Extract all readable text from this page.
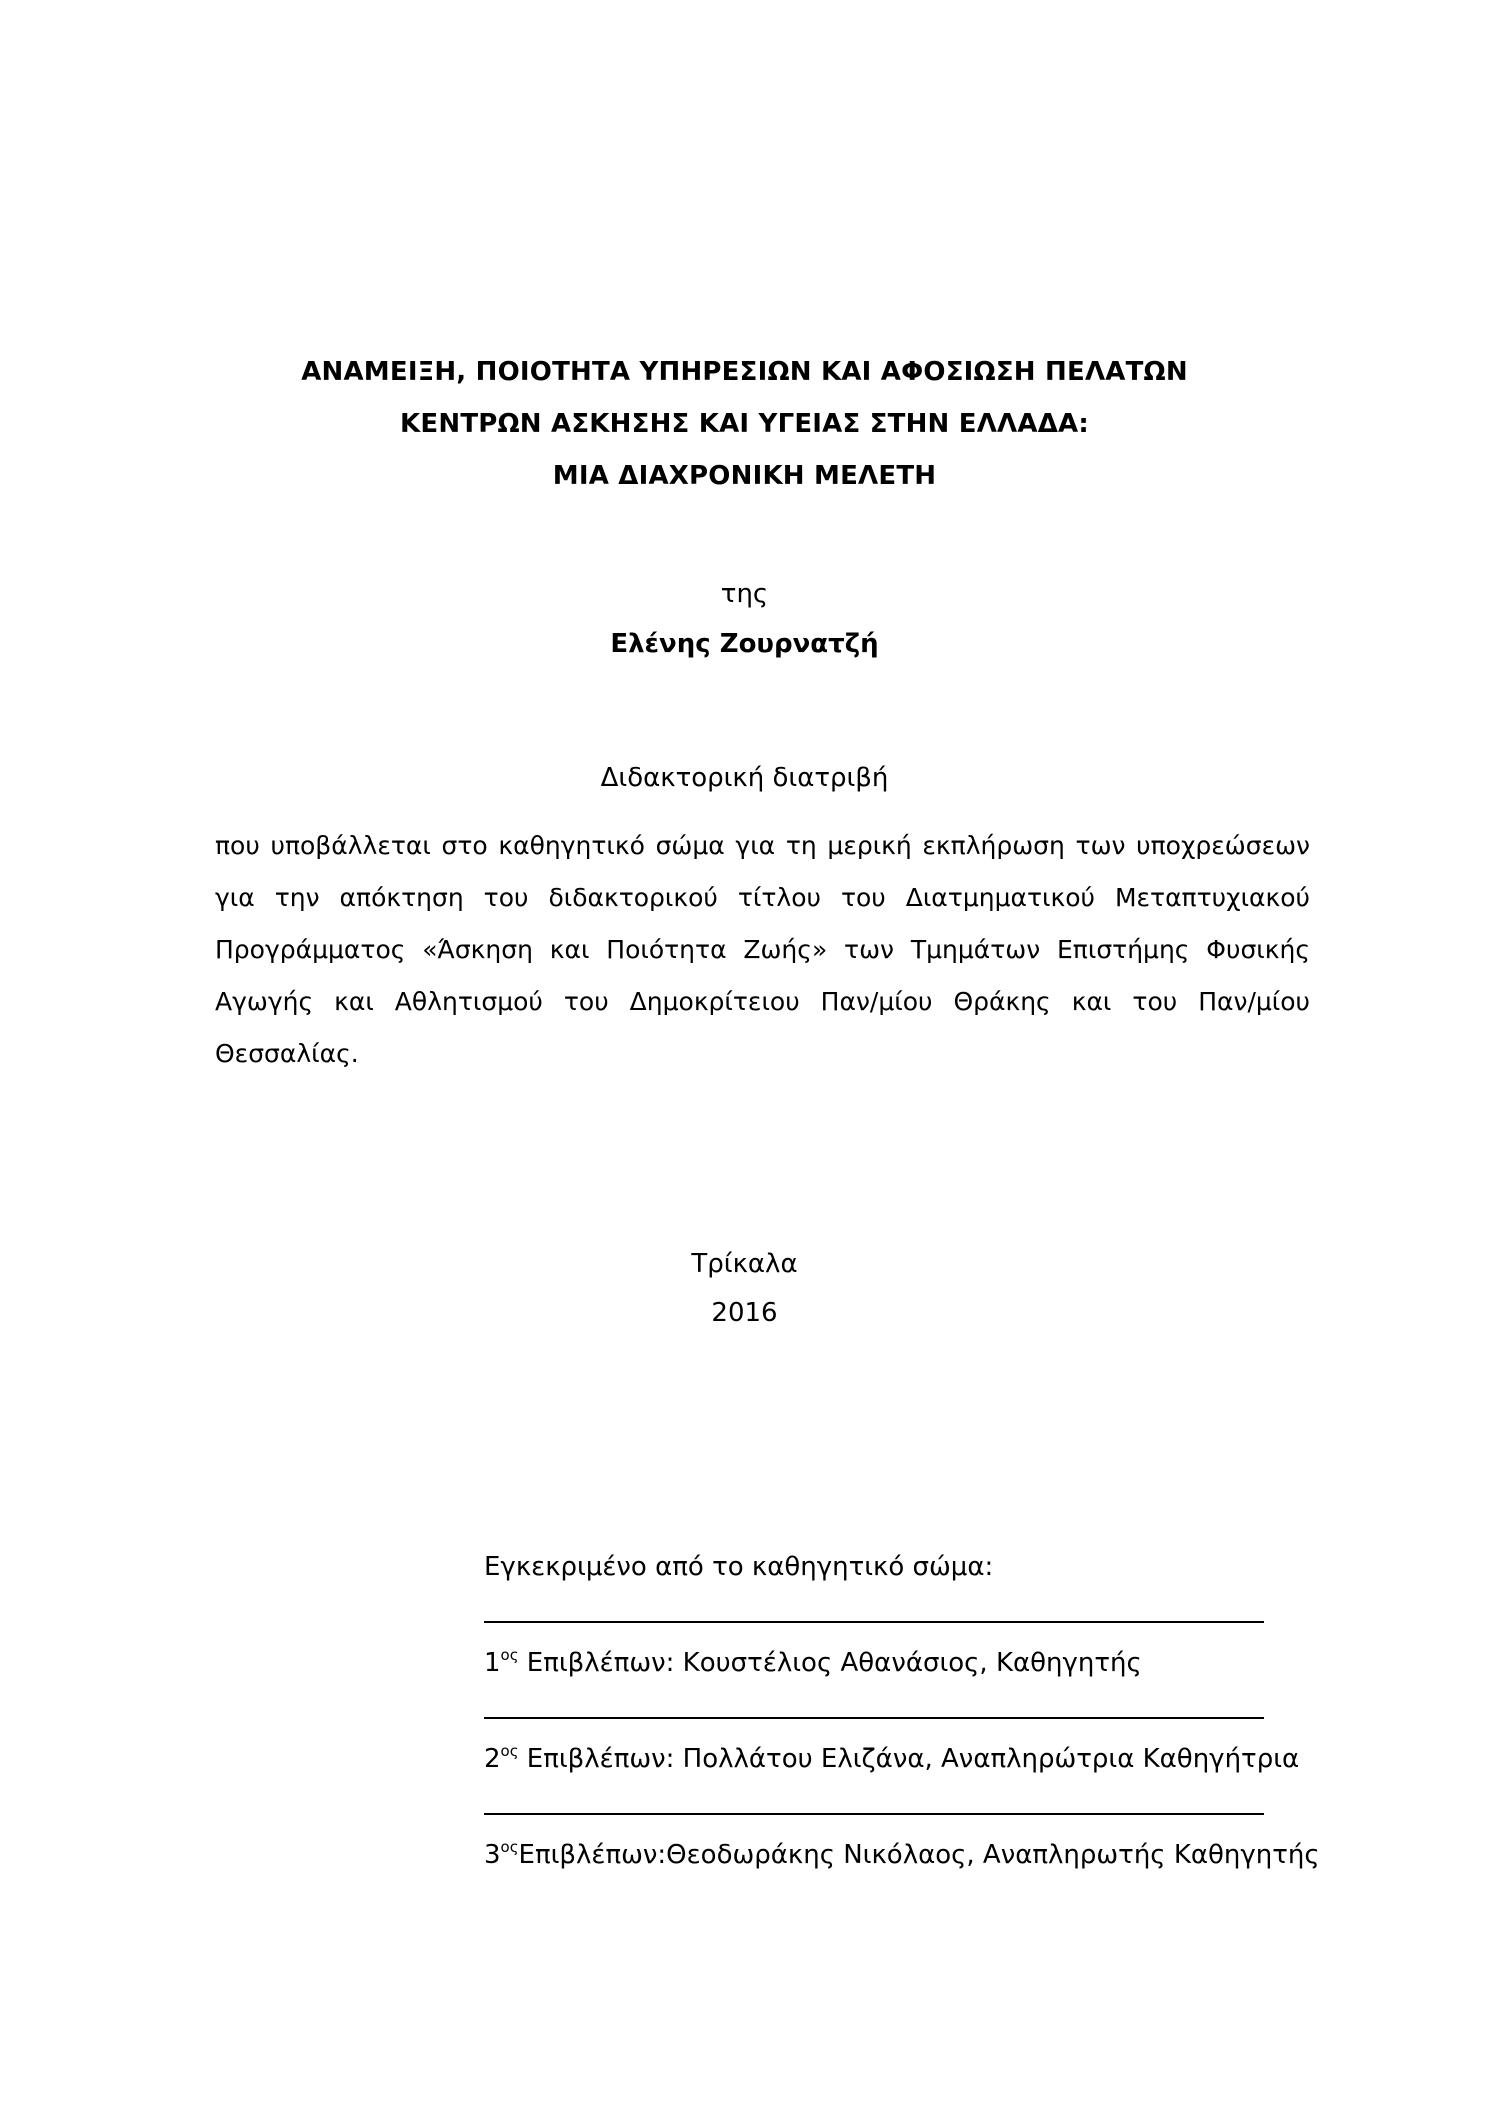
ΑΝΑΜΕΙΞΗ, ΠΟΙΟΤΗΤΑ ΥΠΗΡΕΣΙΩΝ ΚΑΙ ΑΦΟΣΙΩΣΗ ΠΕΛΑΤΩΝ
ΚΕΝΤΡΩΝ ΑΣΚΗΣΗΣ ΚΑΙ ΥΓΕΙΑΣ ΣΤΗΝ ΕΛΛΑΔΑ:
ΜΙΑ ΔΙΑΧΡΟΝΙΚΗ ΜΕΛΕΤΗ
της
Ελένης Ζουρνατζή
Διδακτορική διατριβή
που υποβάλλεται στο καθηγητικό σώμα για τη μερική εκπλήρωση των υποχρεώσεων για την απόκτηση του διδακτορικού τίτλου του Διατμηματικού Μεταπτυχιακού Προγράμματος «Άσκηση και Ποιότητα Ζωής» των Τμημάτων Επιστήμης Φυσικής Αγωγής και Αθλητισμού του Δημοκρίτειου Παν/μίου Θράκης και του Παν/μίου Θεσσαλίας.
Τρίκαλα
2016
Εγκεκριμένο από το καθηγητικό σώμα:
$1^{o\varsigma}$ Επιβλέπων: Κουστέλιος Αθανάσιος, Καθηγητής
$2^{o\varsigma}$ Επιβλέπων: Πολλάτου Ελιζάνα, Αναπληρώτρια Καθηγήτρια
$3^{o\varsigma}E\pi\iota\beta\lambda έ\pi\omega\nu:\Theta\varepsilon o\delta\omega\rho ά\kappa\eta\varsigma$ Νικόλαος, Αναπληρωτής Καθηγητής
